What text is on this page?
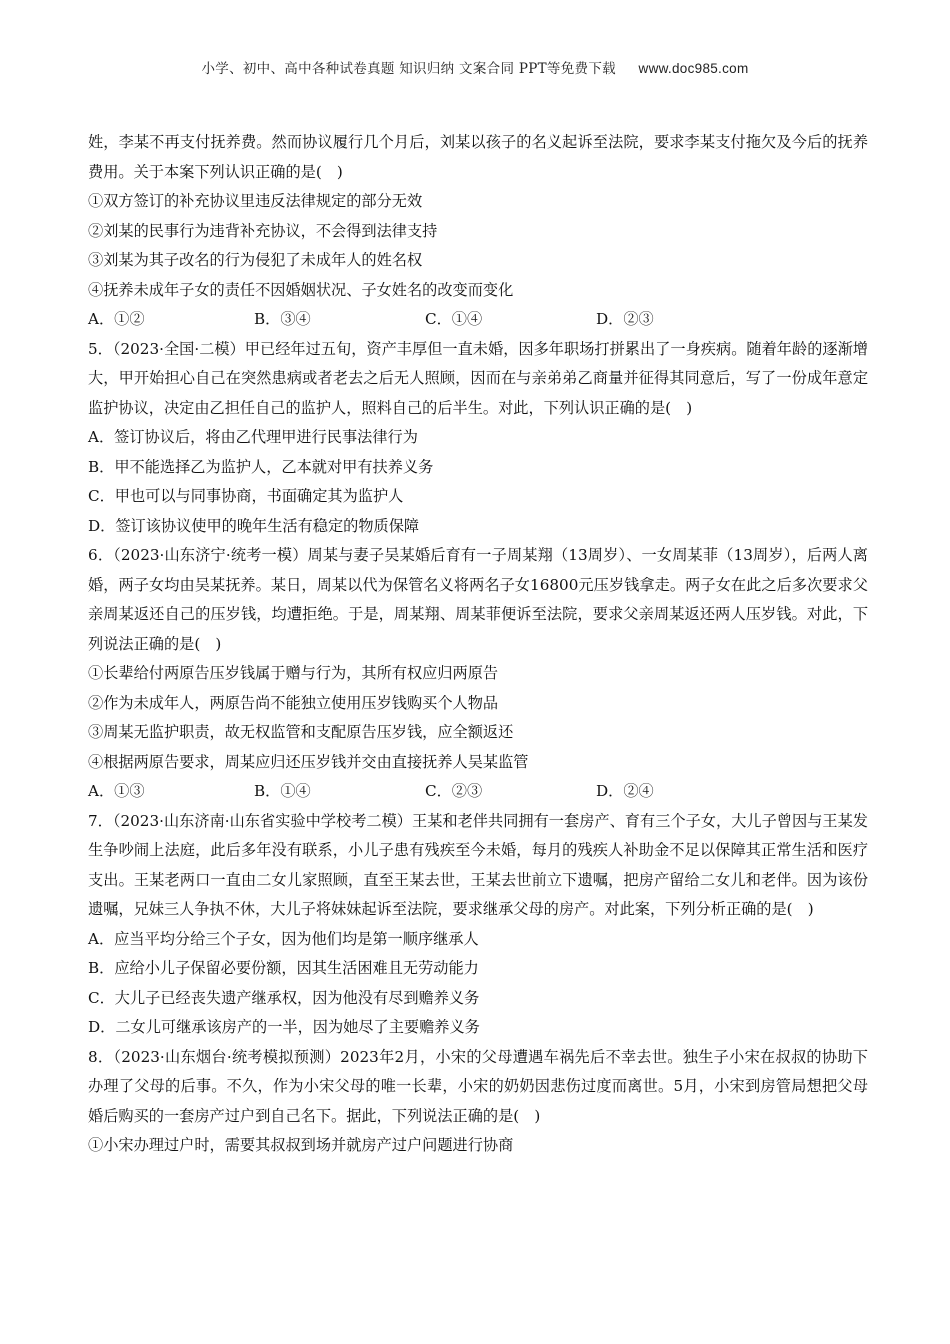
小学、初中、高中各种试卷真题 知识归纳 文案合同 PPT等免费下载 www.doc985.com
姓，李某不再支付抚养费。然而协议履行几个月后，刘某以孩子的名义起诉至法院，要求李某支付拖欠及今后的抚养费用。关于本案下列认识正确的是(　)
①双方签订的补充协议里违反法律规定的部分无效
②刘某的民事行为违背补充协议，不会得到法律支持
③刘某为其子改名的行为侵犯了未成年人的姓名权
④抚养未成年子女的责任不因婚姻状况、子女姓名的改变而变化
A．①②	B．③④	C．①④	D．②③
5．（2023·全国·二模）甲已经年过五旬，资产丰厚但一直未婚，因多年职场打拼累出了一身疾病。随着年龄的逐渐增大，甲开始担心自己在突然患病或者老去之后无人照顾，因而在与亲弟弟乙商量并征得其同意后，写了一份成年意定监护协议，决定由乙担任自己的监护人，照料自己的后半生。对此，下列认识正确的是(　)
A．签订协议后，将由乙代理甲进行民事法律行为
B．甲不能选择乙为监护人，乙本就对甲有扶养义务
C．甲也可以与同事协商，书面确定其为监护人
D．签订该协议使甲的晚年生活有稳定的物质保障
6．（2023·山东济宁·统考一模）周某与妻子吴某婚后育有一子周某翔（13周岁）、一女周某菲（13周岁），后两人离婚，两子女均由吴某抚养。某日，周某以代为保管名义将两名子女16800元压岁钱拿走。两子女在此之后多次要求父亲周某返还自己的压岁钱，均遭拒绝。于是，周某翔、周某菲便诉至法院，要求父亲周某返还两人压岁钱。对此，下列说法正确的是(　)
①长辈给付两原告压岁钱属于赠与行为，其所有权应归两原告
②作为未成年人，两原告尚不能独立使用压岁钱购买个人物品
③周某无监护职责，故无权监管和支配原告压岁钱，应全额返还
④根据两原告要求，周某应归还压岁钱并交由直接抚养人吴某监管
A．①③	B．①④	C．②③	D．②④
7．（2023·山东济南·山东省实验中学校考二模）王某和老伴共同拥有一套房产、育有三个子女，大儿子曾因与王某发生争吵闹上法庭，此后多年没有联系，小儿子患有残疾至今未婚，每月的残疾人补助金不足以保障其正常生活和医疗支出。王某老两口一直由二女儿家照顾，直至王某去世，王某去世前立下遗嘱，把房产留给二女儿和老伴。因为该份遗嘱，兄妹三人争执不休，大儿子将妹妹起诉至法院，要求继承父母的房产。对此案，下列分析正确的是(　)
A．应当平均分给三个子女，因为他们均是第一顺序继承人
B．应给小儿子保留必要份额，因其生活困难且无劳动能力
C．大儿子已经丧失遗产继承权，因为他没有尽到赡养义务
D．二女儿可继承该房产的一半，因为她尽了主要赡养义务
8．（2023·山东烟台·统考模拟预测）2023年2月，小宋的父母遭遇车祸先后不幸去世。独生子小宋在叔叔的协助下办理了父母的后事。不久，作为小宋父母的唯一长辈，小宋的奶奶因悲伤过度而离世。5月，小宋到房管局想把父母婚后购买的一套房产过户到自己名下。据此，下列说法正确的是(　)
①小宋办理过户时，需要其叔叔到场并就房产过户问题进行协商
